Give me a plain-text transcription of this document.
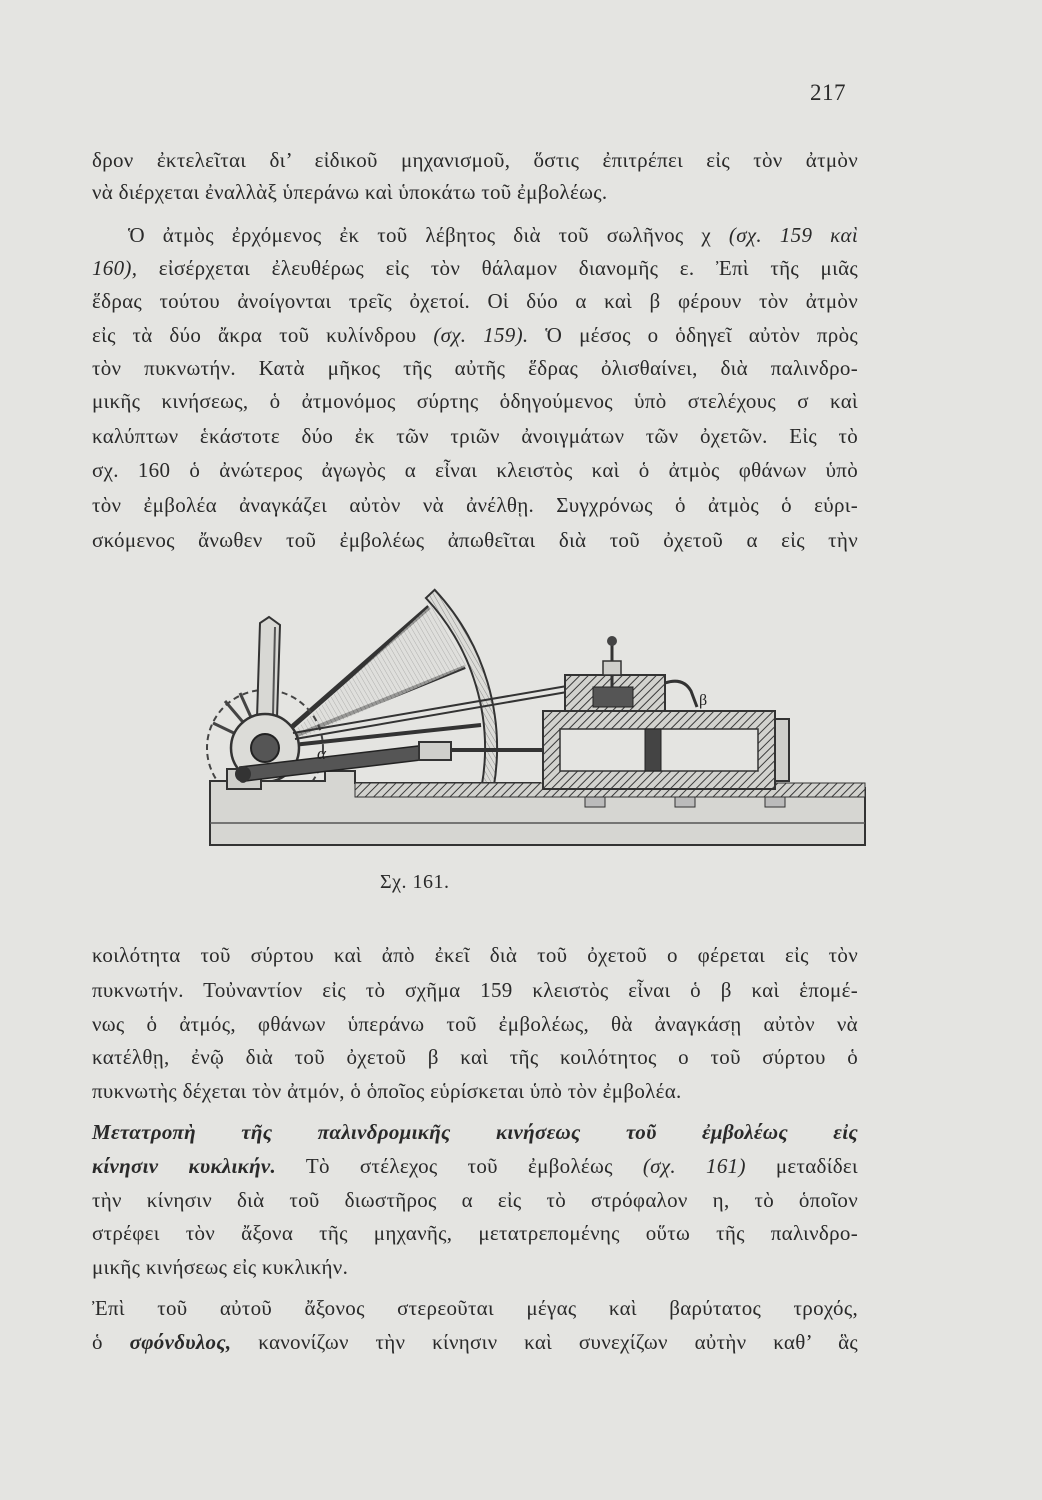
217
δρον ἐκτελεῖται δι’ εἰδικοῦ μηχανισμοῦ, ὅστις ἐπιτρέπει εἰς τὸν ἀτμὸν
νὰ διέρχεται ἐναλλὰξ ὑπεράνω καὶ ὑποκάτω τοῦ ἐμβολέως.
Ὁ ἀτμὸς ἐρχόμενος ἐκ τοῦ λέβητος διὰ τοῦ σωλῆνος χ (σχ. 159 καὶ
160), εἰσέρχεται ἐλευθέρως εἰς τὸν θάλαμον διανομῆς ε. Ἐπὶ τῆς μιᾶς
ἕδρας τούτου ἀνοίγονται τρεῖς ὀχετοί. Οἱ δύο α καὶ β φέρουν τὸν ἀτμὸν
εἰς τὰ δύο ἄκρα τοῦ κυλίνδρου (σχ. 159). Ὁ μέσος ο ὁδηγεῖ αὐτὸν πρὸς
τὸν πυκνωτήν. Κατὰ μῆκος τῆς αὐτῆς ἕδρας ὀλισθαίνει, διὰ παλινδρο-
μικῆς κινήσεως, ὁ ἀτμονόμος σύρτης ὁδηγούμενος ὑπὸ στελέχους σ καὶ
καλύπτων ἑκάστοτε δύο ἐκ τῶν τριῶν ἀνοιγμάτων τῶν ὀχετῶν. Εἰς τὸ
σχ. 160 ὁ ἀνώτερος ἀγωγὸς α εἶναι κλειστὸς καὶ ὁ ἀτμὸς φθάνων ὑπὸ
τὸν ἐμβολέα ἀναγκάζει αὐτὸν νὰ ἀνέλθῃ. Συγχρόνως ὁ ἀτμὸς ὁ εὑρι-
σκόμενος ἄνωθεν τοῦ ἐμβολέως ἀπωθεῖται διὰ τοῦ ὀχετοῦ α εἰς τὴν
α
β
Σχ. 161.
κοιλότητα τοῦ σύρτου καὶ ἀπὸ ἐκεῖ διὰ τοῦ ὀχετοῦ ο φέρεται εἰς τὸν
πυκνωτήν. Τοὐναντίον εἰς τὸ σχῆμα 159 κλειστὸς εἶναι ὁ β καὶ ἑπομέ-
νως ὁ ἀτμός, φθάνων ὑπεράνω τοῦ ἐμβολέως, θὰ ἀναγκάσῃ αὐτὸν νὰ
κατέλθῃ, ἐνῷ διὰ τοῦ ὀχετοῦ β καὶ τῆς κοιλότητος ο τοῦ σύρτου ὁ
πυκνωτὴς δέχεται τὸν ἀτμόν, ὁ ὁποῖος εὑρίσκεται ὑπὸ τὸν ἐμβολέα.
Μετατροπὴ τῆς παλινδρομικῆς κινήσεως τοῦ ἐμβολέως εἰς
κίνησιν κυκλικήν. Τὸ στέλεχος τοῦ ἐμβολέως (σχ. 161) μεταδίδει
τὴν κίνησιν διὰ τοῦ διωστῆρος α εἰς τὸ στρόφαλον η, τὸ ὁποῖον
στρέφει τὸν ἄξονα τῆς μηχανῆς, μετατρεπομένης οὕτω τῆς παλινδρο-
μικῆς κινήσεως εἰς κυκλικήν.
Ἐπὶ τοῦ αὐτοῦ ἄξονος στερεοῦται μέγας καὶ βαρύτατος τροχός,
ὁ σφόνδυλος, κανονίζων τὴν κίνησιν καὶ συνεχίζων αὐτὴν καθ’ ἃς
